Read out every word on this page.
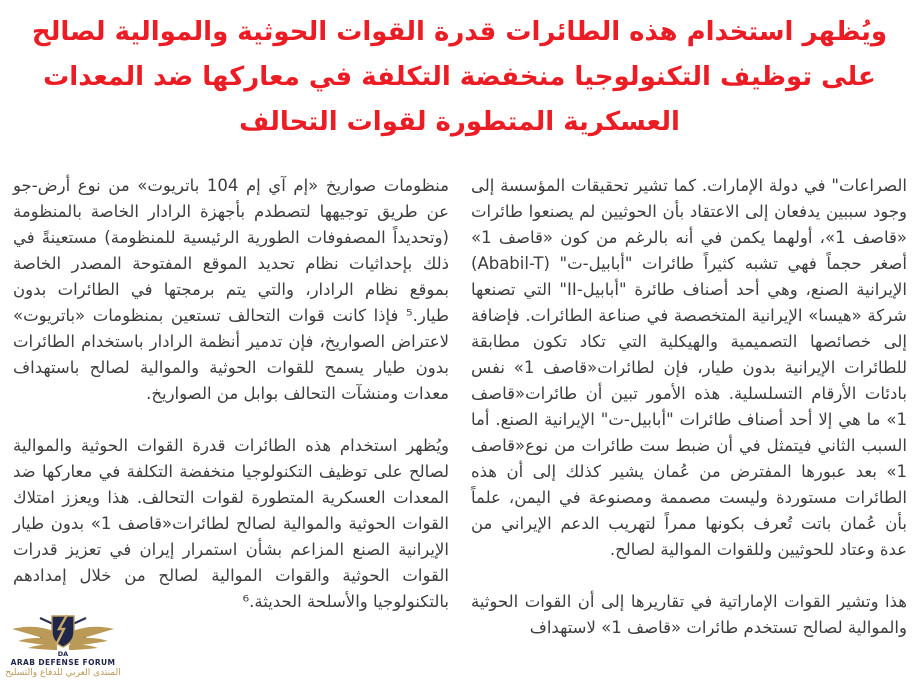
ويُظهر استخدام هذه الطائرات قدرة القوات الحوثية والموالية لصالح على توظيف التكنولوجيا منخفضة التكلفة في معاركها ضد المعدات العسكرية المتطورة لقوات التحالف

الصراعات" في دولة الإمارات. كما تشير تحقيقات المؤسسة إلى وجود سببين يدفعان إلى الاعتقاد بأن الحوثيين لم يصنعوا طائرات «قاصف 1»، أولهما يكمن في أنه بالرغم من كون «قاصف 1» أصغر حجماً فهي تشبه كثيراً طائرات "أبابيل-ت" (Ababil-T) الإيرانية الصنع، وهي أحد أصناف طائرة "أبابيل-II" التي تصنعها شركة «هيسا» الإيرانية المتخصصة في صناعة الطائرات. فإضافة إلى خصائصها التصميمية والهيكلية التي تكاد تكون مطابقة للطائرات الإيرانية بدون طيار، فإن لطائرات«قاصف 1» نفس بادئات الأرقام التسلسلية. هذه الأمور تبين أن طائرات«قاصف 1» ما هي إلا أحد أصناف طائرات "أبابيل-ت" الإيرانية الصنع. أما السبب الثاني فيتمثل في أن ضبط ست طائرات من نوع«قاصف 1» بعد عبورها المفترض من عُمان يشير كذلك إلى أن هذه الطائرات مستوردة وليست مصممة ومصنوعة في اليمن، علماً بأن عُمان باتت تُعرف بكونها ممراً لتهريب الدعم الإيراني من عدة وعتاد للحوثيين وللقوات الموالية لصالح.

هذا وتشير القوات الإماراتية في تقاريرها إلى أن القوات الحوثية والموالية لصالح تستخدم طائرات «قاصف 1» لاستهداف

منظومات صواريخ «إم آي إم 104 باتريوت» من نوع أرض-جو عن طريق توجيهها لتصطدم بأجهزة الرادار الخاصة بالمنظومة (وتحديداً المصفوفات الطورية الرئيسية للمنظومة) مستعينةً في ذلك بإحداثيات نظام تحديد الموقع المفتوحة المصدر الخاصة بموقع نظام الرادار، والتي يتم برمجتها في الطائرات بدون طيار.⁵ فإذا كانت قوات التحالف تستعين بمنظومات «باتريوت» لاعتراض الصواريخ، فإن تدمير أنظمة الرادار باستخدام الطائرات بدون طيار يسمح للقوات الحوثية والموالية لصالح باستهداف معدات ومنشآت التحالف بوابل من الصواريخ.

ويُظهر استخدام هذه الطائرات قدرة القوات الحوثية والموالية لصالح على توظيف التكنولوجيا منخفضة التكلفة في معاركها ضد المعدات العسكرية المتطورة لقوات التحالف. هذا ويعزز امتلاك القوات الحوثية والموالية لصالح لطائرات«قاصف 1» بدون طيار الإيرانية الصنع المزاعم بشأن استمرار إيران في تعزيز قدرات القوات الحوثية والقوات الموالية لصالح من خلال إمدادهم بالتكنولوجيا والأسلحة الحديثة.⁶

DA
ARAB DEFENSE FORUM
المنتدى العربي للدفاع والتسليح
